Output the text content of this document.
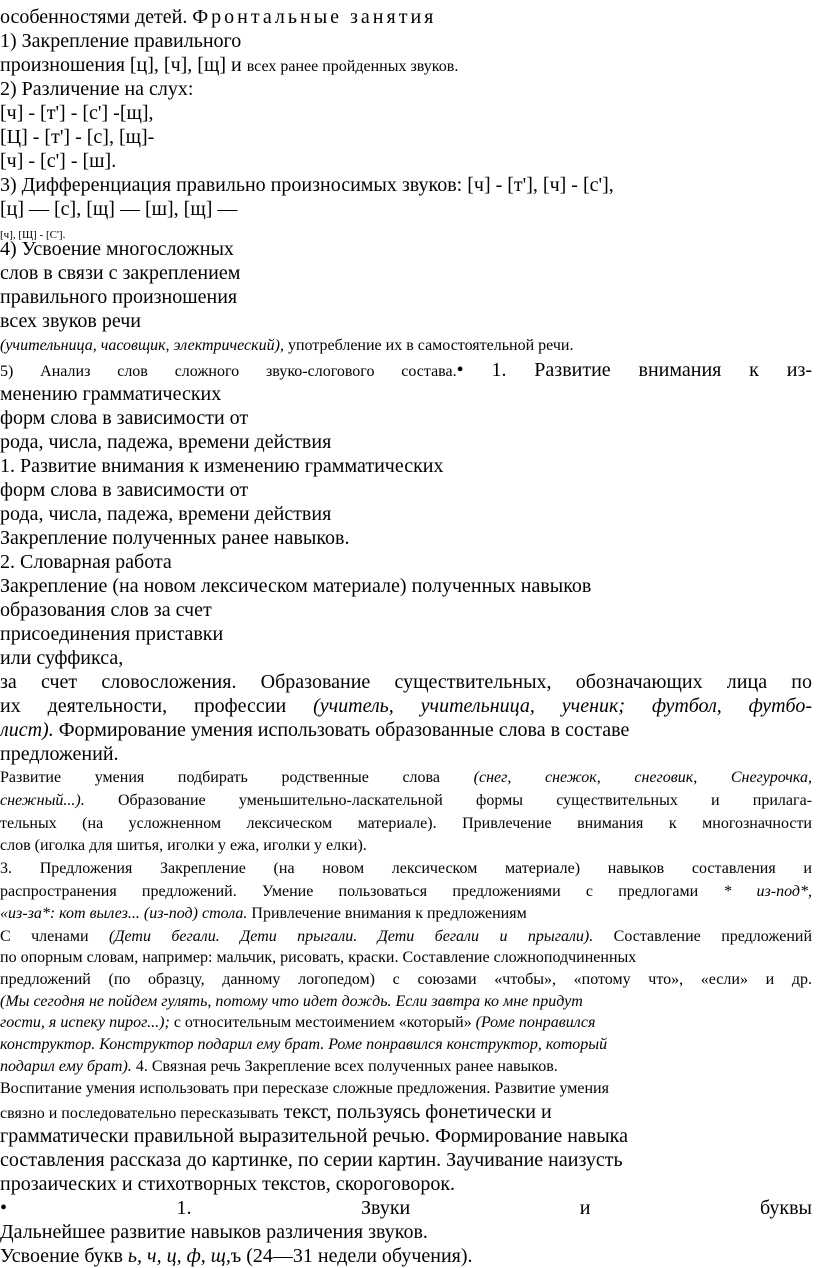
особенностями детей. Фронтальные занятия
1) Закрепление правильного
произношения [ц], [ч], [щ] и всех ранее пройденных звуков.
2) Различение на слух:
[ч] - [т'] - [с'] -[щ],
[Ц] - [т'] - [с], [щ]-
[ч] - [с'] - [ш].
3) Дифференциация правильно произносимых звуков: [ч] - [т'], [ч] - [с'],
[ц] — [с], [щ] — [ш], [щ] —
[ч], [Щ] - [С'].
4) Усвоение многосложных
слов в связи с закреплением
правильного произношения
всех звуков речи
(учительница, часовщик, электрический), употребление их в самостоятельной речи.
5) Анализ слов сложного звуко-слогового состава.• 1. Развитие внимания к из-
менению грамматических
форм слова в зависимости от
рода, числа, падежа, времени действия
1. Развитие внимания к изменению грамматических
форм слова в зависимости от
рода, числа, падежа, времени действия
Закрепление полученных ранее навыков.
2. Словарная работа
Закрепление (на новом лексическом материале) полученных навыков
образования слов за счет
присоединения приставки
или суффикса,
за счет словосложения. Образование существительных, обозначающих лица по
их деятельности, профессии (учитель, учительница, ученик; футбол, футбо-
лист). Формирование умения использовать образованные слова в составе
предложений.
Развитие умения подбирать родственные слова (снег, снежок, снеговик, Снегурочка,
снежный...). Образование уменьшительно-ласкательной формы существительных и прилага-
тельных (на усложненном лексическом материале). Привлечение внимания к многозначности
слов (иголка для шитья, иголки у ежа, иголки у елки).
3. Предложения Закрепление (на новом лексическом материале) навыков составления и
распространения предложений. Умение пользоваться предложениями с предлогами * из-под*,
«из-за*: кот вылез... (из-под) стола. Привлечение внимания к предложениям
С членами (Дети бегали. Дети прыгали. Дети бегали и прыгали). Составление предложений
по опорным словам, например: мальчик, рисовать, краски. Составление сложноподчиненных
предложений (по образцу, данному логопедом) с союзами «чтобы», «потому что», «если» и др.
(Мы сегодня не пойдем гулять, потому что идет дождь. Если завтра ко мне придут
гости, я испеку пирог...); с относительным местоимением «который» (Роме понравился
конструктор. Конструктор подарил ему брат. Роме понравился конструктор, который
подарил ему брат). 4. Связная речь Закрепление всех полученных ранее навыков.
Воспитание умения использовать при пересказе сложные предложения. Развитие умения
связно и последовательно пересказывать текст, пользуясь фонетически и
грамматически правильной выразительной речью. Формирование навыка
составления рассказа до картинке, по серии картин. Заучивание наизусть
прозаических и стихотворных текстов, скороговорок.
• 1. Звуки и буквы
Дальнейшее развитие навыков различения звуков.
Усвоение букв ь, ч, ц, ф, щ,ъ (24—31 недели обучения).
